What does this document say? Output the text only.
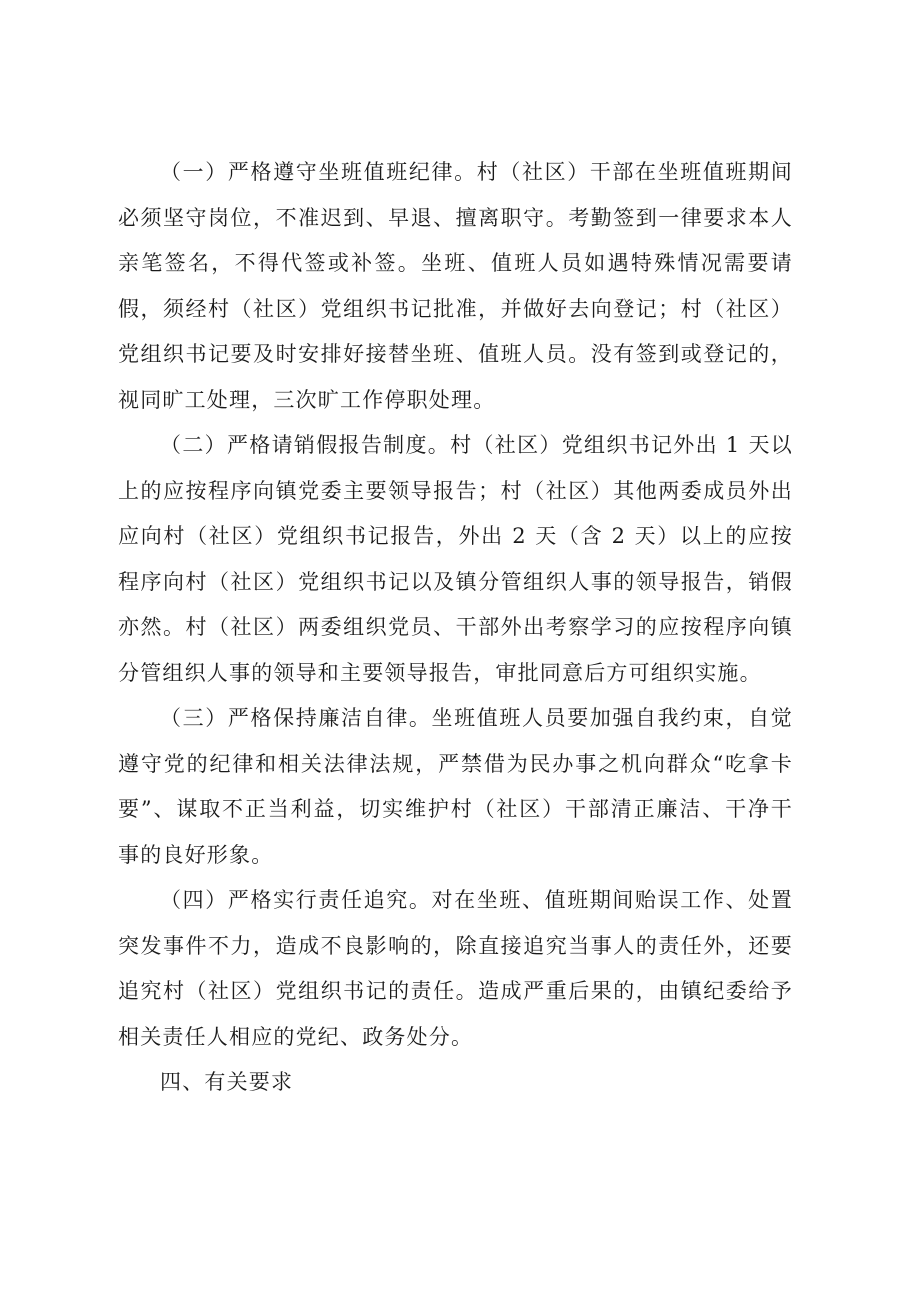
（一）严格遵守坐班值班纪律。村（社区）干部在坐班值班期间必须坚守岗位，不准迟到、早退、擅离职守。考勤签到一律要求本人亲笔签名，不得代签或补签。坐班、值班人员如遇特殊情况需要请假，须经村（社区）党组织书记批准，并做好去向登记；村（社区）党组织书记要及时安排好接替坐班、值班人员。没有签到或登记的，视同旷工处理，三次旷工作停职处理。

（二）严格请销假报告制度。村（社区）党组织书记外出 1 天以上的应按程序向镇党委主要领导报告；村（社区）其他两委成员外出应向村（社区）党组织书记报告，外出 2 天（含 2 天）以上的应按程序向村（社区）党组织书记以及镇分管组织人事的领导报告，销假亦然。村（社区）两委组织党员、干部外出考察学习的应按程序向镇分管组织人事的领导和主要领导报告，审批同意后方可组织实施。

（三）严格保持廉洁自律。坐班值班人员要加强自我约束，自觉遵守党的纪律和相关法律法规，严禁借为民办事之机向群众“吃拿卡要”、谋取不正当利益，切实维护村（社区）干部清正廉洁、干净干事的良好形象。

（四）严格实行责任追究。对在坐班、值班期间贻误工作、处置突发事件不力，造成不良影响的，除直接追究当事人的责任外，还要追究村（社区）党组织书记的责任。造成严重后果的，由镇纪委给予相关责任人相应的党纪、政务处分。

四、有关要求
